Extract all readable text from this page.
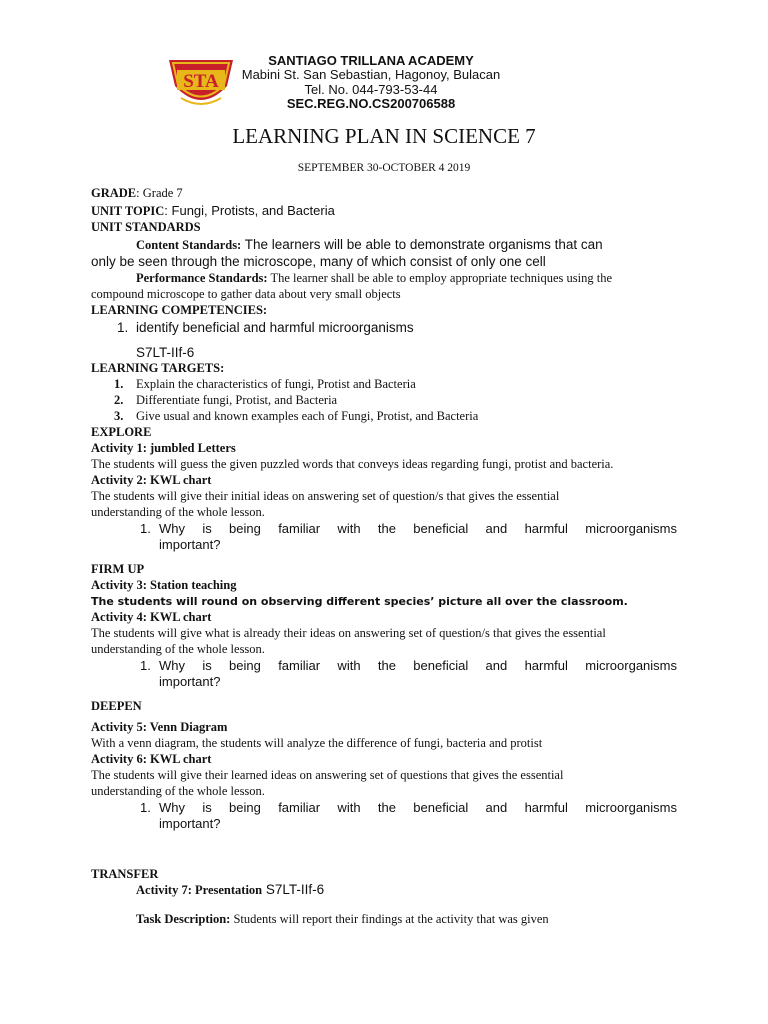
STA
SANTIAGO TRILLANA ACADEMY
Mabini St. San Sebastian, Hagonoy, Bulacan
Tel. No. 044-793-53-44
SEC.REG.NO.CS200706588
LEARNING PLAN IN SCIENCE 7
SEPTEMBER 30-OCTOBER 4 2019
GRADE: Grade 7
UNIT TOPIC: Fungi, Protists, and Bacteria
UNIT STANDARDS
Content Standards: The learners will be able to demonstrate organisms that can
only be seen through the microscope, many of which consist of only one cell
Performance Standards: The learner shall be able to employ appropriate techniques using the
compound microscope to gather data about very small objects
LEARNING COMPETENCIES:
1. identify beneficial and harmful microorganisms
S7LT-IIf-6
LEARNING TARGETS:
1. Explain the characteristics of fungi, Protist and Bacteria
2. Differentiate fungi, Protist, and Bacteria
3. Give usual and known examples each of Fungi, Protist, and Bacteria
EXPLORE
Activity 1: jumbled Letters
The students will guess the given puzzled words that conveys ideas regarding fungi, protist and bacteria.
Activity 2: KWL chart
The students will give their initial ideas on answering set of question/s that gives the essential
understanding of the whole lesson.
1. Why is being familiar with the beneficial and harmful microorganisms
important?
FIRM UP
Activity 3: Station teaching
The students will round on observing different species’ picture all over the classroom.
Activity 4: KWL chart
The students will give what is already their ideas on answering set of question/s that gives the essential
understanding of the whole lesson.
1. Why is being familiar with the beneficial and harmful microorganisms
important?
DEEPEN
Activity 5: Venn Diagram
With a venn diagram, the students will analyze the difference of fungi, bacteria and protist
Activity 6: KWL chart
The students will give their learned ideas on answering set of questions that gives the essential
understanding of the whole lesson.
1. Why is being familiar with the beneficial and harmful microorganisms
important?
TRANSFER
Activity 7: Presentation S7LT-IIf-6
Task Description: Students will report their findings at the activity that was given
